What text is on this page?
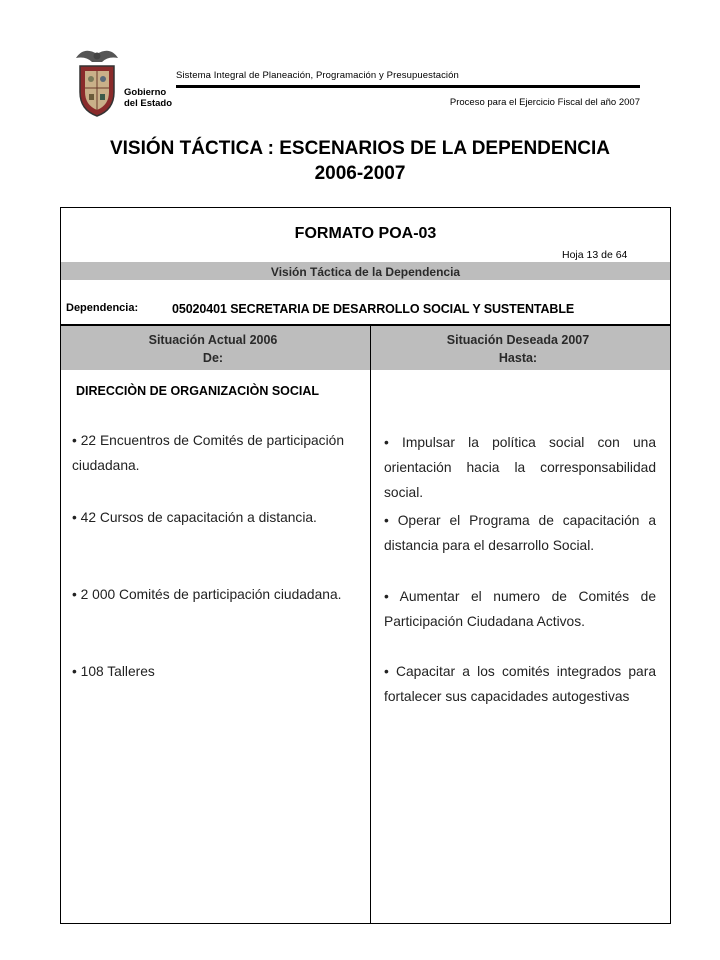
Gobierno
del Estado
Sistema Integral de Planeación, Programación y Presupuestación
Proceso para el Ejercicio Fiscal del año 2007
VISIÓN TÁCTICA : ESCENARIOS DE LA DEPENDENCIA
2006-2007
FORMATO POA-03
Hoja 13 de 64
Visión Táctica de la Dependencia
Dependencia:	05020401 SECRETARIA DE DESARROLLO SOCIAL Y SUSTENTABLE
Situación Actual 2006
De:
Situación Deseada 2007
Hasta:
DIRECCIÒN DE ORGANIZACIÒN SOCIAL
• 22 Encuentros de Comités de participación ciudadana.
• 42 Cursos de capacitación a distancia.
• 2 000 Comités de participación ciudadana.
• 108 Talleres
• Impulsar la política social con una orientación hacia la corresponsabilidad social.
• Operar el Programa de capacitación a distancia para el desarrollo Social.
• Aumentar el numero de Comités de Participación Ciudadana Activos.
• Capacitar a los comités integrados para fortalecer sus capacidades autogestivas
